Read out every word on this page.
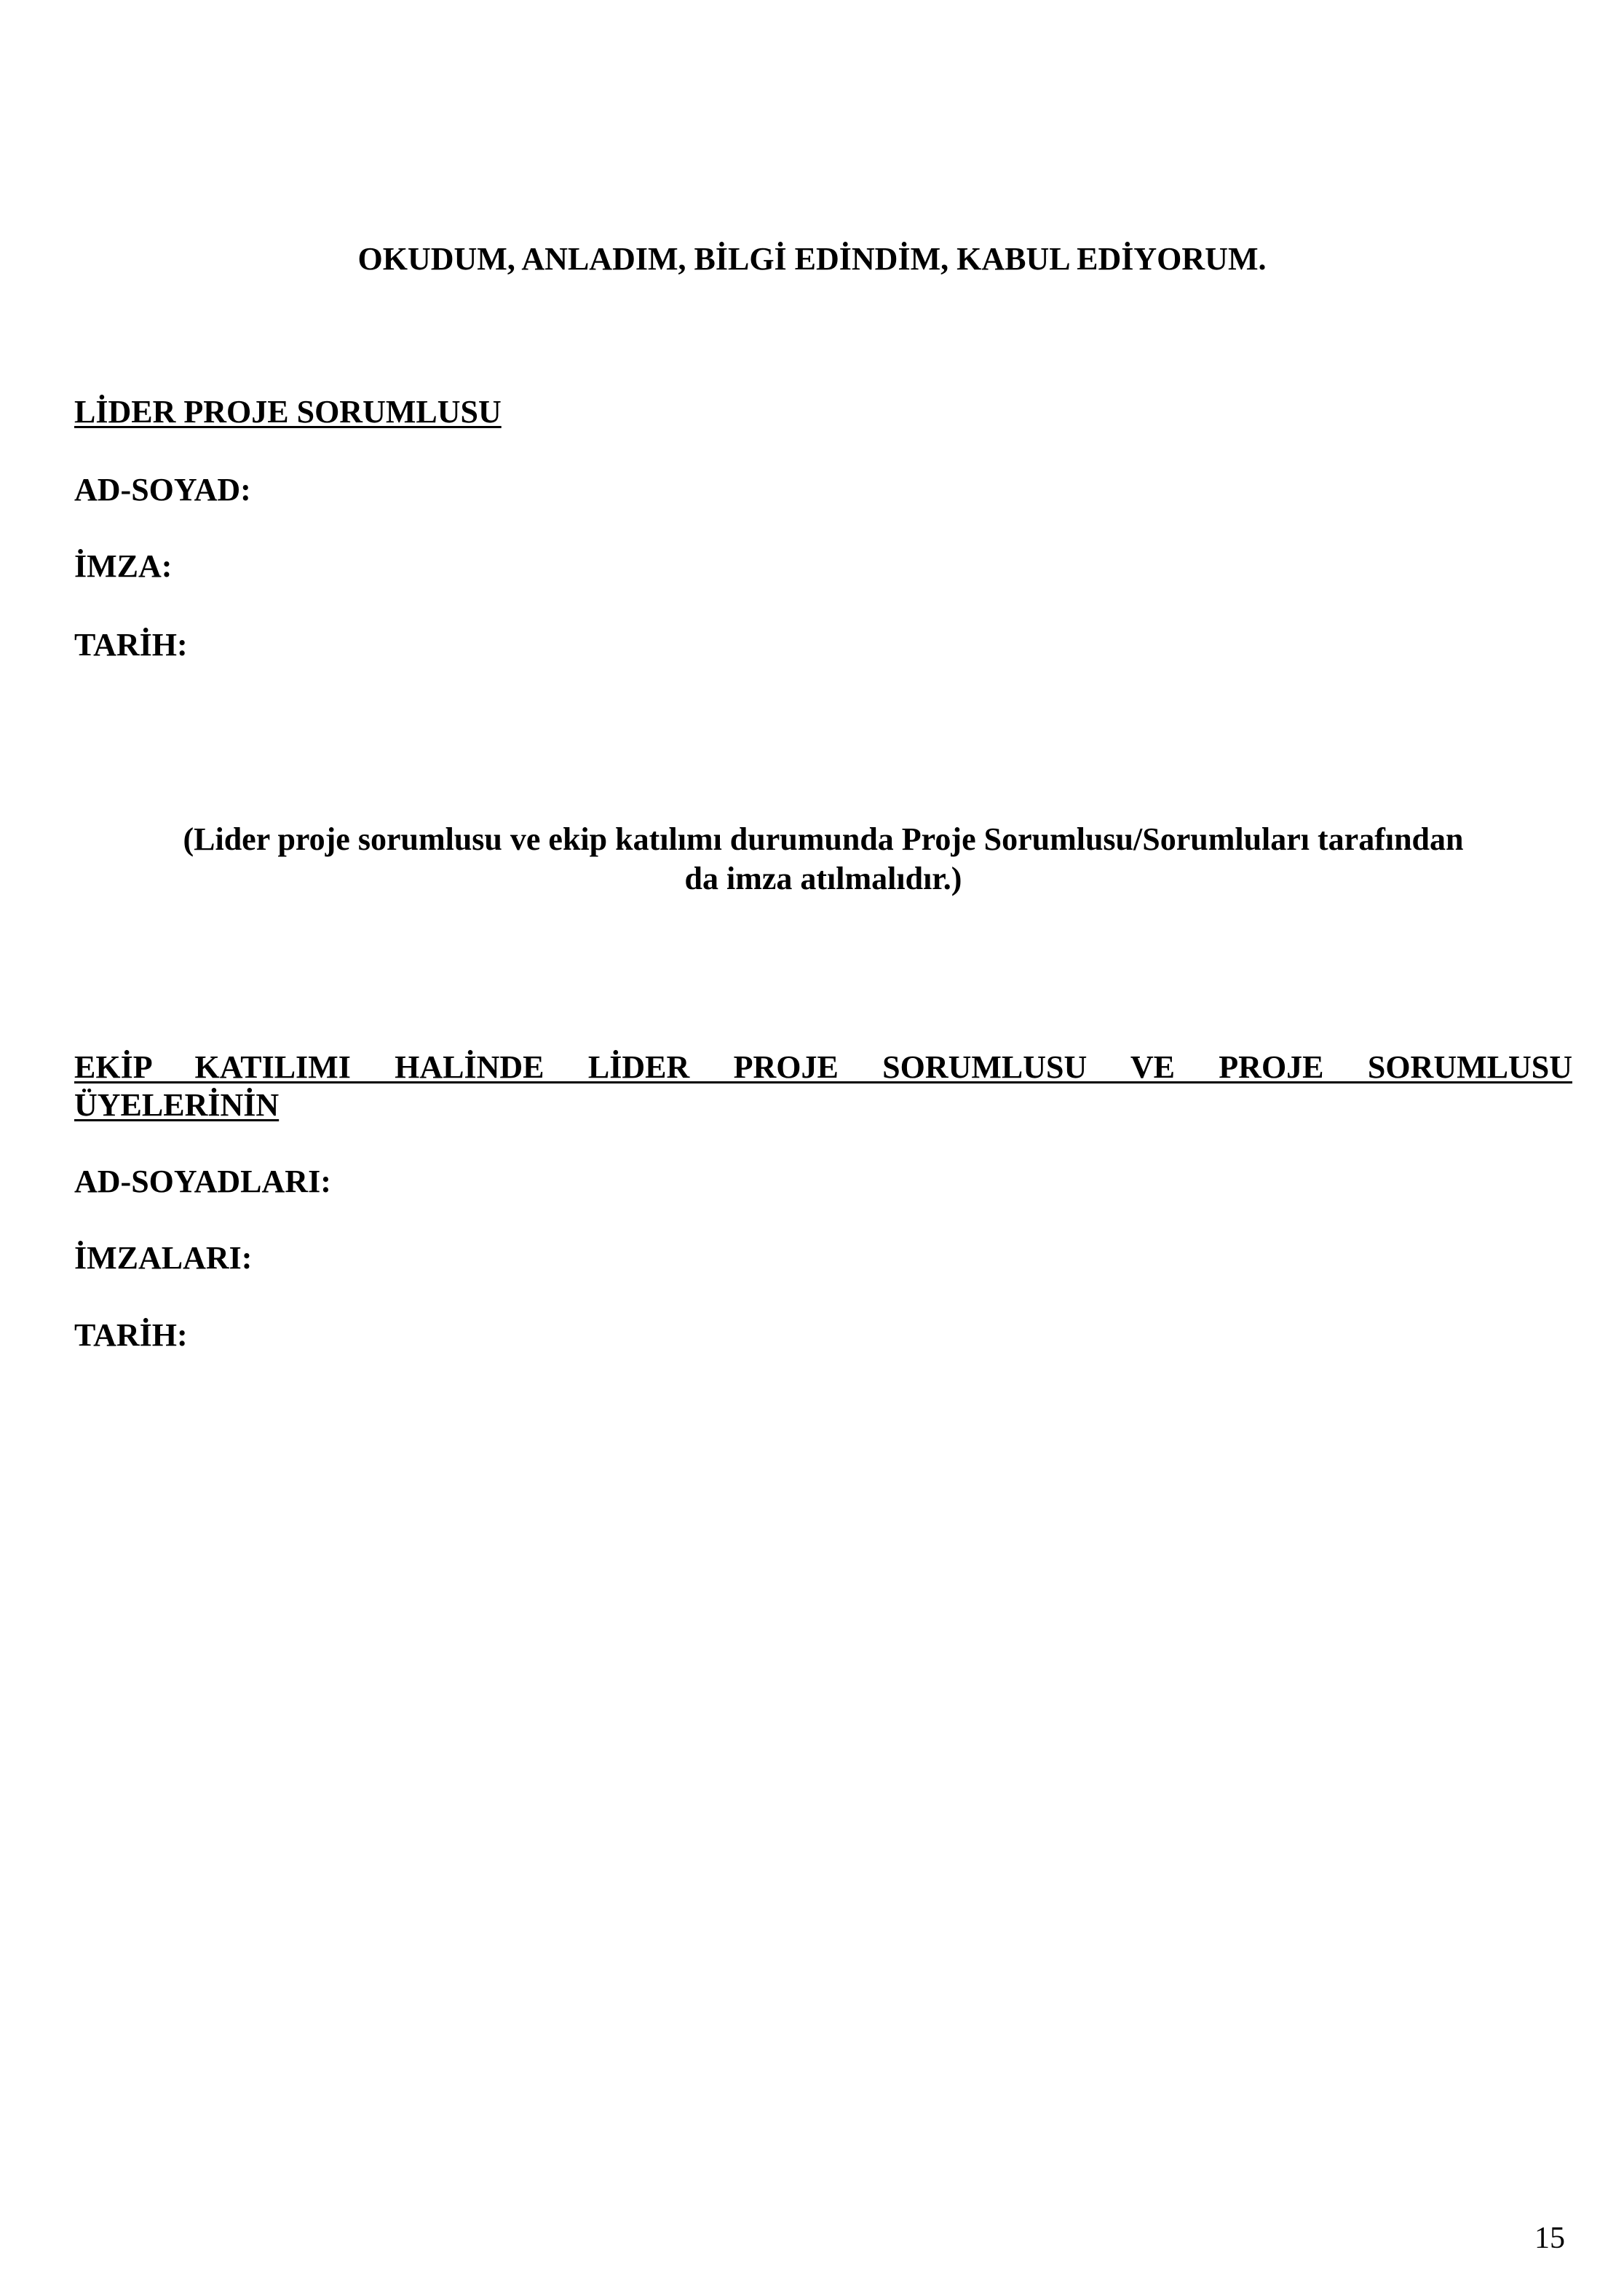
OKUDUM, ANLADIM, BİLGİ EDİNDİM, KABUL EDİYORUM.

LİDER PROJE SORUMLUSU

AD-SOYAD:

İMZA:

TARİH:

(Lider proje sorumlusu ve ekip katılımı durumunda Proje Sorumlusu/Sorumluları tarafından
da imza atılmalıdır.)
EKİP KATILIMI HALİNDE LİDER PROJE SORUMLUSU VE PROJE SORUMLUSU
ÜYELERİNİN

AD-SOYADLARI:

İMZALARI:

TARİH:

15
